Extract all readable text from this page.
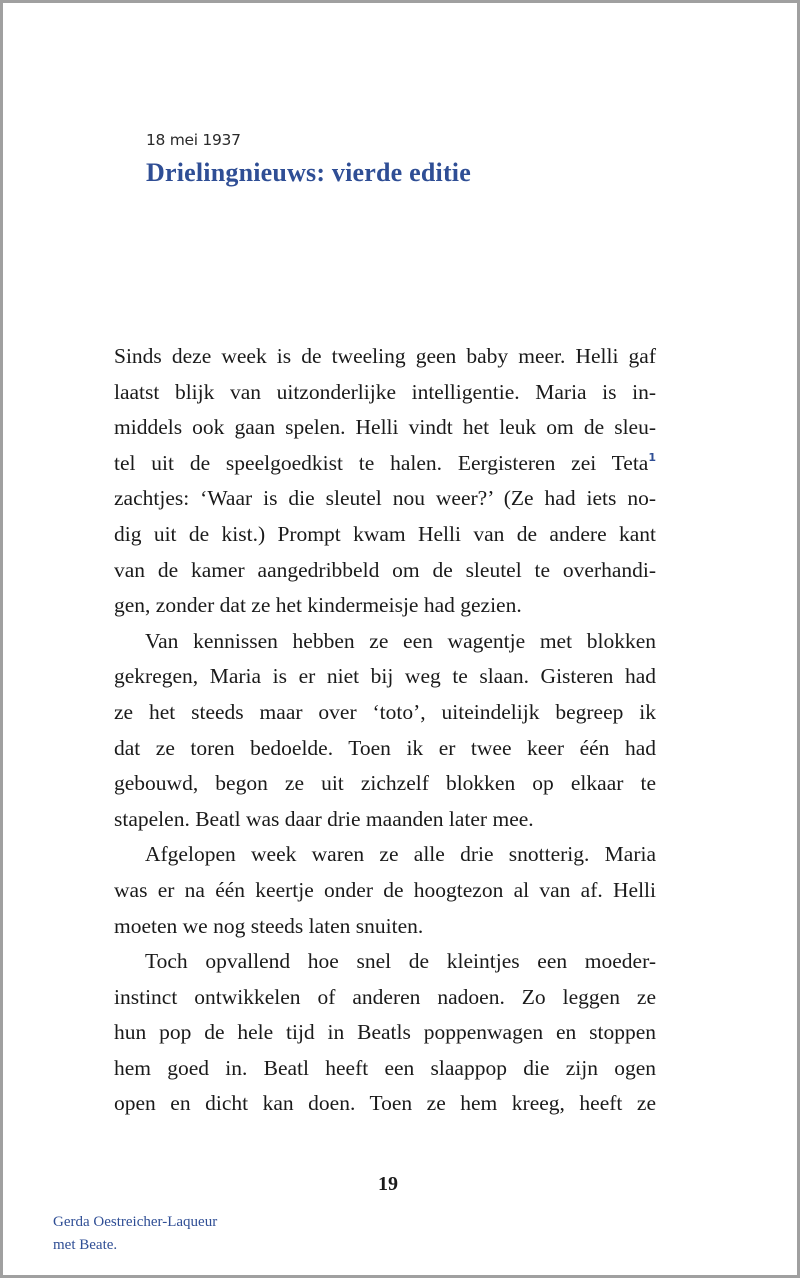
18 mei 1937
Drielingnieuws: vierde editie
Sinds deze week is de tweeling geen baby meer. Helli gaf
laatst blijk van uitzonderlijke intelligentie. Maria is in-
middels ook gaan spelen. Helli vindt het leuk om de sleu-
tel uit de speelgoedkist te halen. Eergisteren zei Teta$^1$
zachtjes: ‘Waar is die sleutel nou weer?’ (Ze had iets no-
dig uit de kist.) Prompt kwam Helli van de andere kant
van de kamer aangedribbeld om de sleutel te overhandi-
gen, zonder dat ze het kindermeisje had gezien.
Van kennissen hebben ze een wagentje met blokken
gekregen, Maria is er niet bij weg te slaan. Gisteren had
ze het steeds maar over ‘toto’, uiteindelijk begreep ik
dat ze toren bedoelde. Toen ik er twee keer één had
gebouwd, begon ze uit zichzelf blokken op elkaar te
stapelen. Beatl was daar drie maanden later mee.
Afgelopen week waren ze alle drie snotterig. Maria
was er na één keertje onder de hoogtezon al van af. Helli
moeten we nog steeds laten snuiten.
Toch opvallend hoe snel de kleintjes een moeder-
instinct ontwikkelen of anderen nadoen. Zo leggen ze
hun pop de hele tijd in Beatls poppenwagen en stoppen
hem goed in. Beatl heeft een slaappop die zijn ogen
open en dicht kan doen. Toen ze hem kreeg, heeft ze
19
Gerda Oestreicher-Laqueur
met Beate.
